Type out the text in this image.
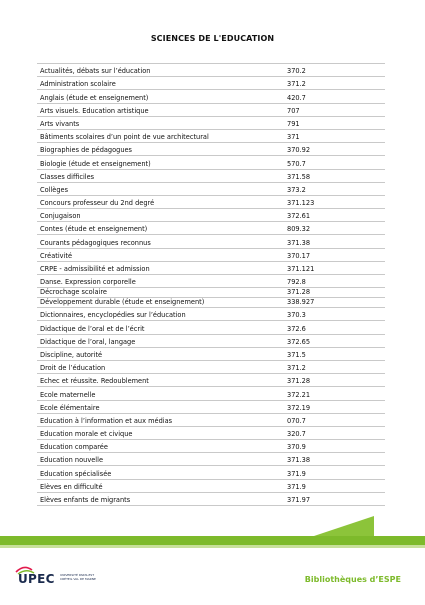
SCIENCES DE L'EDUCATION
Actualités, débats sur l’éducation	370.2
Administration scolaire	371.2
Anglais (étude et enseignement)	420.7
Arts visuels. Education artistique	707
Arts vivants	791
Bâtiments scolaires d’un point de vue architectural	371
Biographies de pédagogues	370.92
Biologie (étude et enseignement)	570.7
Classes difficiles	371.58
Collèges	373.2
Concours professeur du 2nd degré	371.123
Conjugaison	372.61
Contes (étude et enseignement)	809.32
Courants pédagogiques reconnus	371.38
Créativité	370.17
CRPE - admissibilité et admission	371.121
Danse. Expression corporelle	792.8
Décrochage scolaire	371.28
Développement durable (étude et enseignement)	338.927
Dictionnaires, encyclopédies sur l’éducation	370.3
Didactique de l’oral et de l’écrit	372.6
Didactique de l’oral, langage	372.65
Discipline, autorité	371.5
Droit de l’éducation	371.2
Echec et réussite. Redoublement	371.28
Ecole maternelle	372.21
Ecole élémentaire	372.19
Education à l’information et aux médias	070.7
Education morale et civique	320.7
Education comparée	370.9
Education nouvelle	371.38
Education spécialisée	371.9
Elèves en difficulté	371.9
Elèves enfants de migrants	371.97
UPEC UNIVERSITÉ PARIS-EST CRÉTEIL VAL DE MARNE	Bibliothèques d’ESPE
